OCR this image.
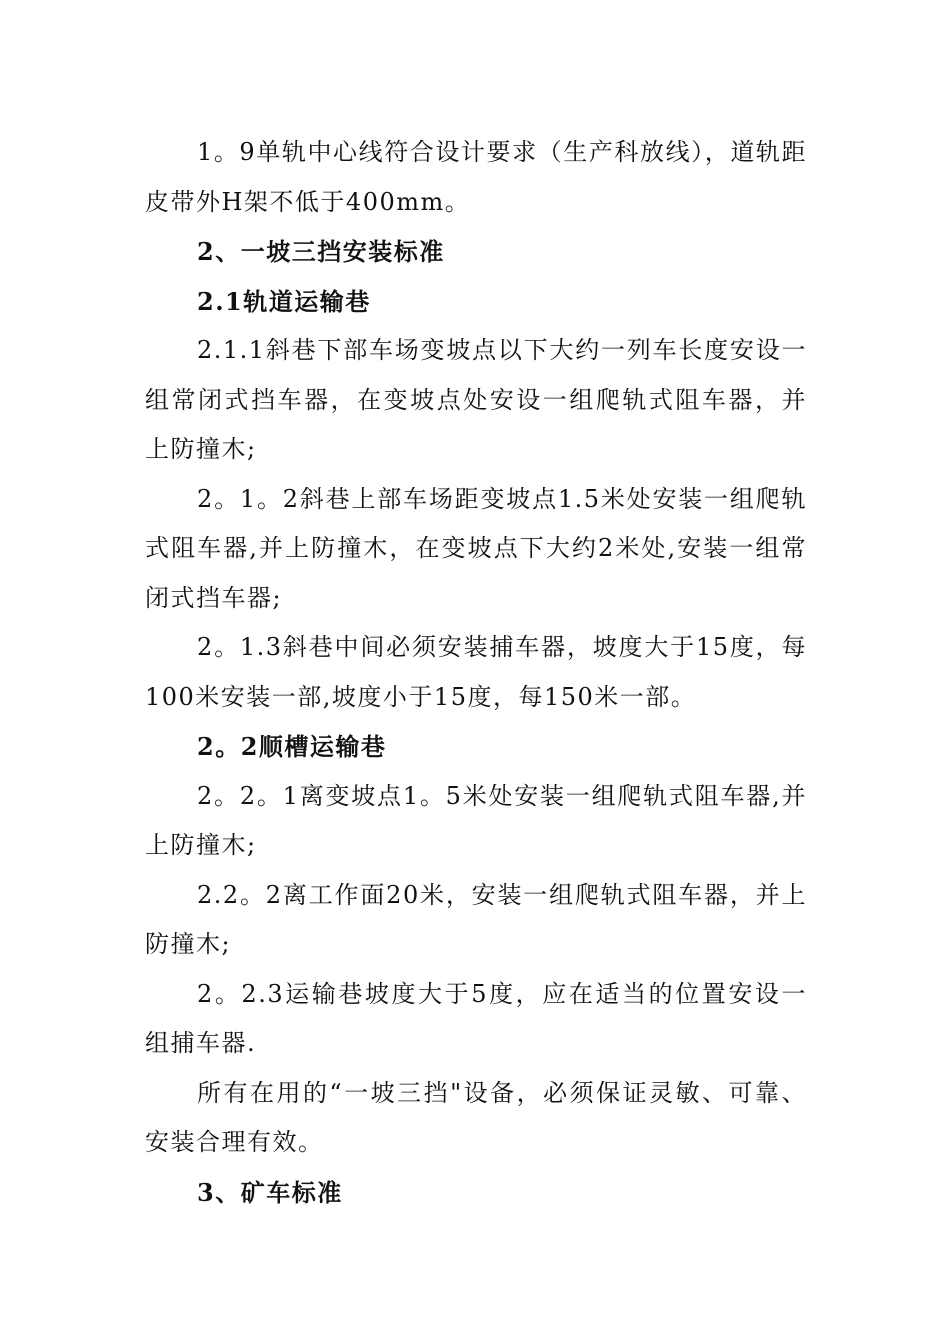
1。9单轨中心线符合设计要求（生产科放线），道轨距皮带外H架不低于400mm。

2、一坡三挡安装标准

2.1轨道运输巷

2.1.1斜巷下部车场变坡点以下大约一列车长度安设一组常闭式挡车器，在变坡点处安设一组爬轨式阻车器，并上防撞木;

2。1。2斜巷上部车场距变坡点1.5米处安装一组爬轨式阻车器,并上防撞木，在变坡点下大约2米处,安装一组常闭式挡车器;

2。1.3斜巷中间必须安装捕车器，坡度大于15度，每100米安装一部,坡度小于15度，每150米一部。

2。2顺槽运输巷

2。2。1离变坡点1。5米处安装一组爬轨式阻车器,并上防撞木;

2.2。2离工作面20米，安装一组爬轨式阻车器，并上防撞木;

2。2.3运输巷坡度大于5度，应在适当的位置安设一组捕车器.

所有在用的“一坡三挡"设备，必须保证灵敏、可靠、安装合理有效。

3、矿车标准
